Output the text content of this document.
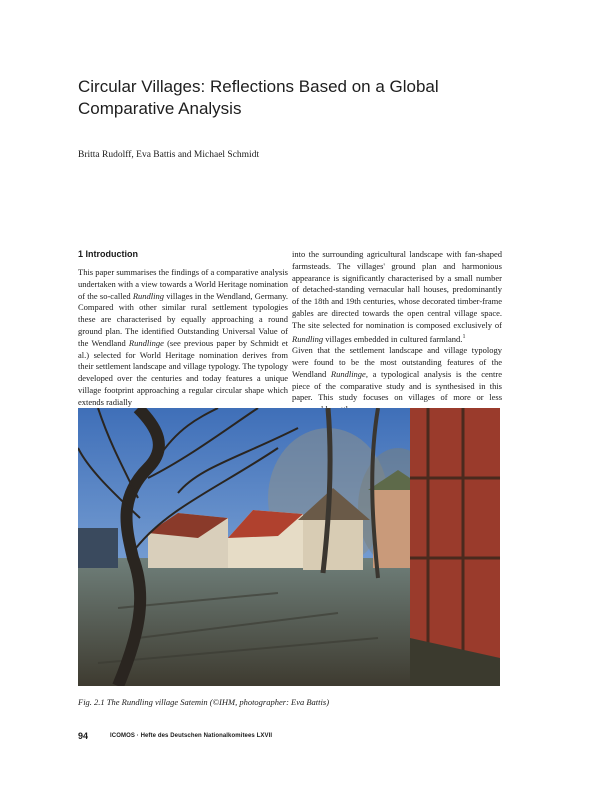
Circular Villages: Reflections Based on a Global Comparative Analysis
Britta Rudolff, Eva Battis and Michael Schmidt
1 Introduction

This paper summarises the findings of a comparative analysis undertaken with a view towards a World Heritage nomination of the so-called Rundling villages in the Wendland, Germany. Compared with other similar rural settlement typologies these are characterised by equally approaching a round ground plan. The identified Outstanding Universal Value of the Wendland Rundlinge (see previous paper by Schmidt et al.) selected for World Heritage nomination derives from their settlement landscape and village typology. The typology developed over the centuries and today features a unique village footprint approaching a regular circular shape which extends radially

into the surrounding agricultural landscape with fan-shaped farmsteads. The villages' ground plan and harmonious appearance is significantly characterised by a small number of detached-standing vernacular hall houses, predominantly of the 18th and 19th centuries, whose decorated timber-frame gables are directed towards the open central village space. The site selected for nomination is composed exclusively of Rundling villages embedded in cultured farmland.$^1$

Given that the settlement landscape and village typology were found to be the most outstanding features of the Wendland Rundlinge, a typological analysis is the centre piece of the comparative study and is synthesised in this paper. This study focuses on villages of more or less

Fig. 2.1 The Rundling village Satemin (©IHM, photographer: Eva Battis)
94	ICOMOS · Hefte des Deutschen Nationalkomitees LXVII
